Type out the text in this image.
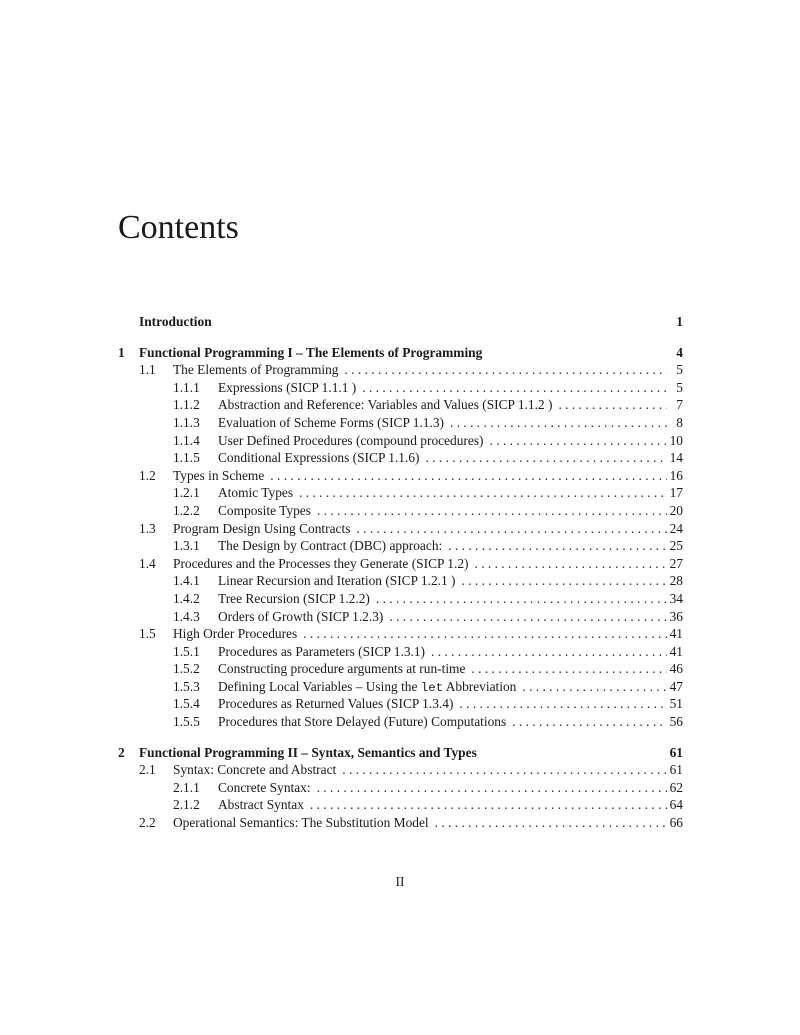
Contents
Introduction	1
1	Functional Programming I – The Elements of Programming	4
1.1	The Elements of Programming . . .	5
1.1.1	Expressions (SICP 1.1.1 ) . . .	5
1.1.2	Abstraction and Reference: Variables and Values (SICP 1.1.2 ) . . .	7
1.1.3	Evaluation of Scheme Forms (SICP 1.1.3) . . .	8
1.1.4	User Defined Procedures (compound procedures) . . .	10
1.1.5	Conditional Expressions (SICP 1.1.6) . . .	14
1.2	Types in Scheme . . .	16
1.2.1	Atomic Types . . .	17
1.2.2	Composite Types . . .	20
1.3	Program Design Using Contracts . . .	24
1.3.1	The Design by Contract (DBC) approach: . . .	25
1.4	Procedures and the Processes they Generate (SICP 1.2) . . .	27
1.4.1	Linear Recursion and Iteration (SICP 1.2.1 ) . . .	28
1.4.2	Tree Recursion (SICP 1.2.2) . . .	34
1.4.3	Orders of Growth (SICP 1.2.3) . . .	36
1.5	High Order Procedures . . .	41
1.5.1	Procedures as Parameters (SICP 1.3.1) . . .	41
1.5.2	Constructing procedure arguments at run-time . . .	46
1.5.3	Defining Local Variables – Using the let Abbreviation . . .	47
1.5.4	Procedures as Returned Values (SICP 1.3.4) . . .	51
1.5.5	Procedures that Store Delayed (Future) Computations . . .	56
2	Functional Programming II – Syntax, Semantics and Types	61
2.1	Syntax: Concrete and Abstract . . .	61
2.1.1	Concrete Syntax: . . .	62
2.1.2	Abstract Syntax . . .	64
2.2	Operational Semantics: The Substitution Model . . .	66
II
